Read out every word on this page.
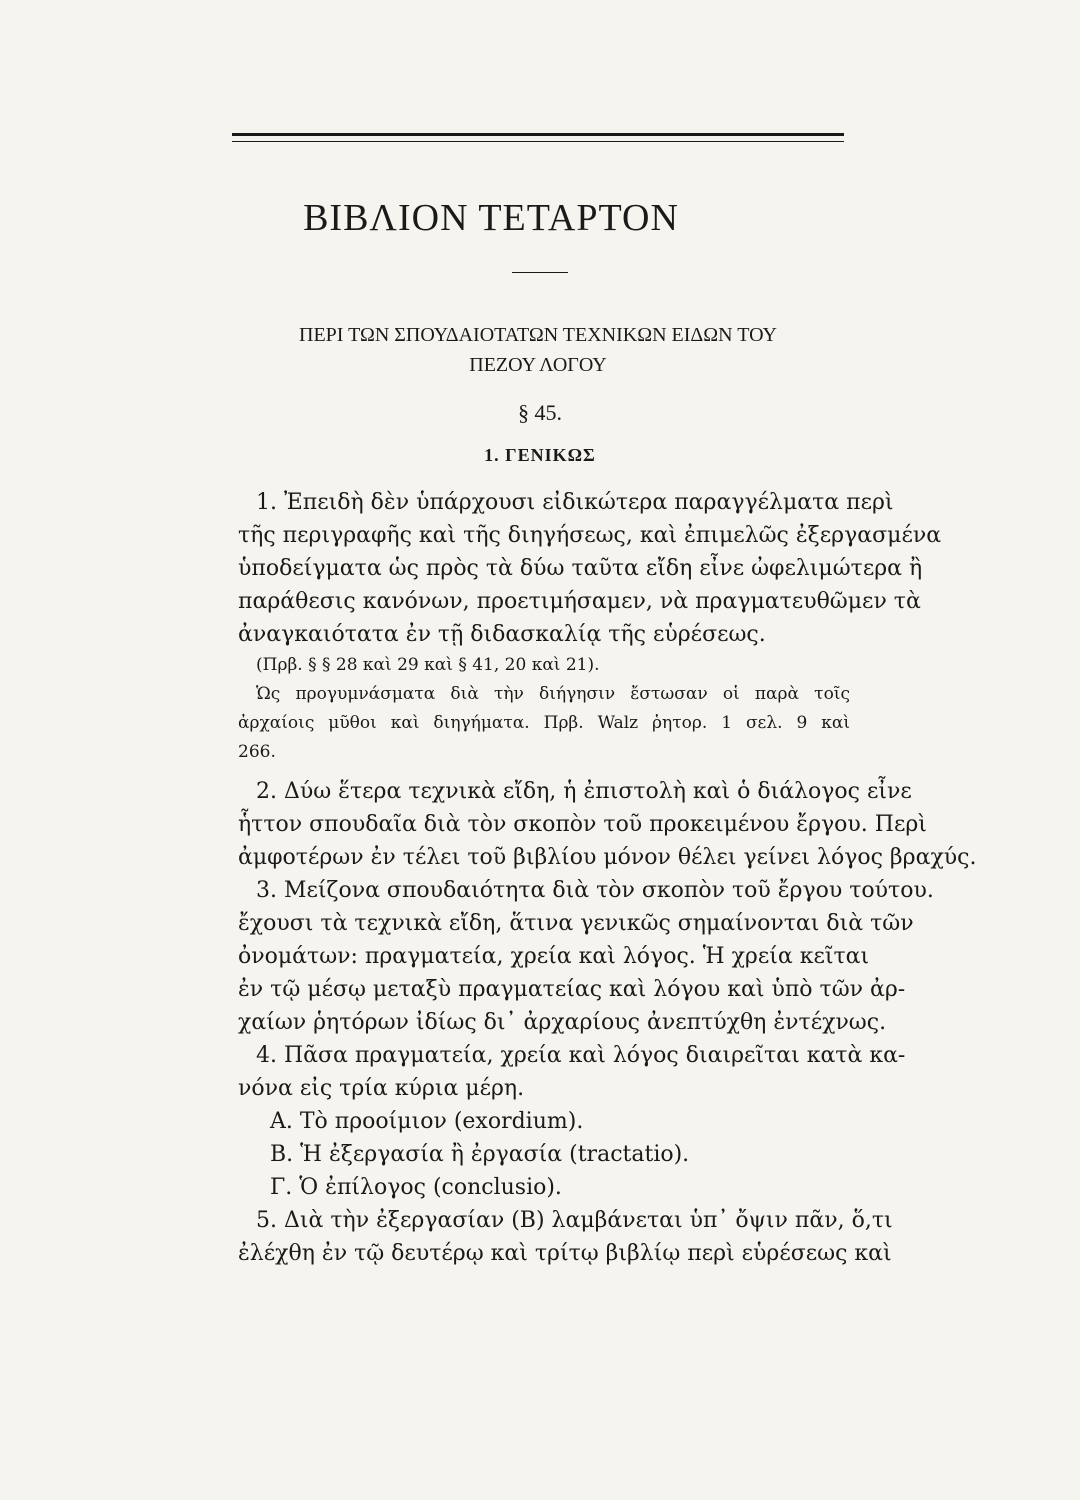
ΒΙΒΛΙΟΝ ΤΕΤΑΡΤΟΝ
ΠΕΡΙ ΤΩΝ ΣΠΟΥΔΑΙΟΤΑΤΩΝ ΤΕΧΝΙΚΩΝ ΕΙΔΩΝ ΤΟΥ
ΠΕΖΟΥ ΛΟΓΟΥ
§ 45.
1. ΓΕΝΙΚΩΣ
1. Ἐπειδὴ δὲν ὑπάρχουσι εἰδικώτερα παραγγέλματα περὶ
τῆς περιγραφῆς καὶ τῆς διηγήσεως, καὶ ἐπιμελῶς ἐξεργασμένα
ὑποδείγματα ὡς πρὸς τὰ δύω ταῦτα εἴδη εἶνε ὠφελιμώτερα ἢ
παράθεσις κανόνων, προετιμήσαμεν, νὰ πραγματευθῶμεν τὰ
ἀναγκαιότατα ἐν τῇ διδασκαλίᾳ τῆς εὑρέσεως.
(Πρβ. § § 28 καὶ 29 καὶ § 41, 20 καὶ 21).
Ὡς προγυμνάσματα διὰ τὴν διήγησιν ἔστωσαν οἱ παρὰ τοῖς
ἀρχαίοις μῦθοι καὶ διηγήματα. Πρβ. Walz ῥητορ. 1 σελ. 9 καὶ
266.
2. Δύω ἕτερα τεχνικὰ εἴδη, ἡ ἐπιστολὴ καὶ ὁ διάλογος εἶνε
ἧττον σπουδαῖα διὰ τὸν σκοπὸν τοῦ προκειμένου ἔργου. Περὶ
ἀμφοτέρων ἐν τέλει τοῦ βιβλίου μόνον θέλει γείνει λόγος βραχύς.
3. Μείζονα σπουδαιότητα διὰ τὸν σκοπὸν τοῦ ἔργου τούτου.
ἔχουσι τὰ τεχνικὰ εἴδη, ἅτινα γενικῶς σημαίνονται διὰ τῶν
ὀνομάτων: πραγματεία, χρεία καὶ λόγος. Ἡ χρεία κεῖται
ἐν τῷ μέσῳ μεταξὺ πραγματείας καὶ λόγου καὶ ὑπὸ τῶν ἀρ-
χαίων ῥητόρων ἰδίως δι᾽ ἀρχαρίους ἀνεπτύχθη ἐντέχνως.
4. Πᾶσα πραγματεία, χρεία καὶ λόγος διαιρεῖται κατὰ κα-
νόνα εἰς τρία κύρια μέρη.
Α. Τὸ προοίμιον (exordium).
Β. Ἡ ἐξεργασία ἢ ἐργασία (tractatio).
Γ. Ὁ ἐπίλογος (conclusio).
5. Διὰ τὴν ἐξεργασίαν (Β) λαμβάνεται ὑπ᾽ ὄψιν πᾶν, ὅ,τι
ἐλέχθη ἐν τῷ δευτέρῳ καὶ τρίτῳ βιβλίῳ περὶ εὑρέσεως καὶ
